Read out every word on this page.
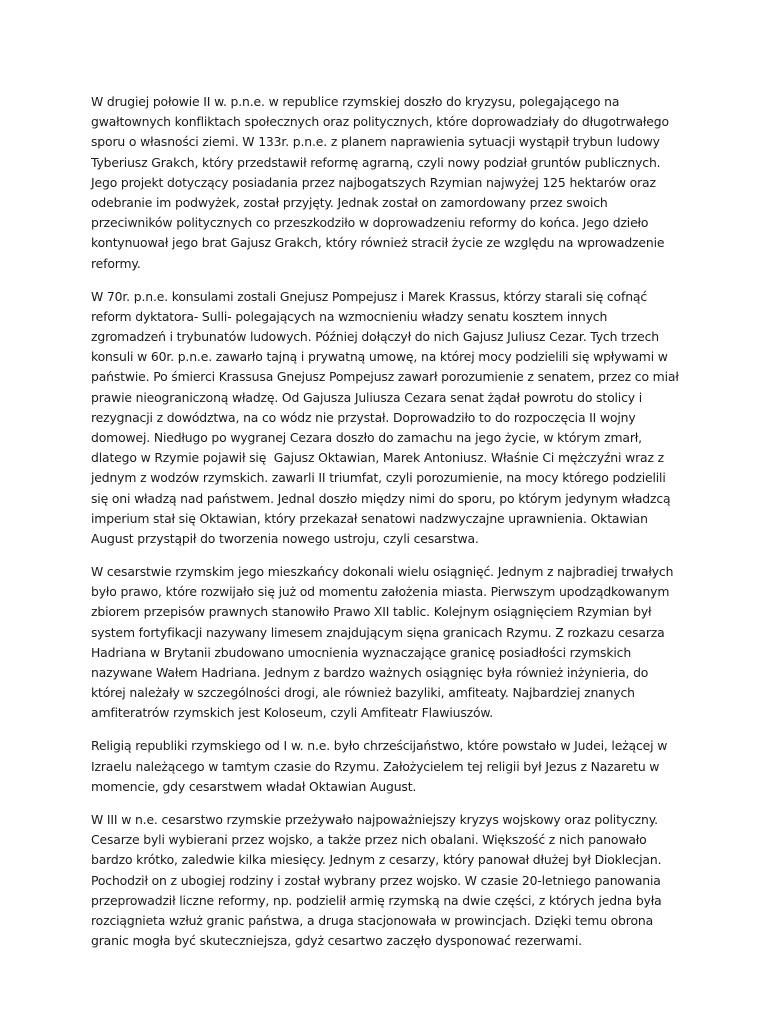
W drugiej połowie II w. p.n.e. w republice rzymskiej doszło do kryzysu, polegającego na gwałtownych konfliktach społecznych oraz politycznych, które doprowadziały do długotrwałego sporu o własności ziemi. W 133r. p.n.e. z planem naprawienia sytuacji wystąpił trybun ludowy Tyberiusz Grakch, który przedstawił reformę agrarną, czyli nowy podział gruntów publicznych. Jego projekt dotyczący posiadania przez najbogatszych Rzymian najwyżej 125 hektarów oraz odebranie im podwyżek, został przyjęty. Jednak został on zamordowany przez swoich przeciwników politycznych co przeszkodziło w doprowadzeniu reformy do końca. Jego dzieło kontynuował jego brat Gajusz Grakch, który również stracił życie ze względu na wprowadzenie reformy.

W 70r. p.n.e. konsulami zostali Gnejusz Pompejusz i Marek Krassus, którzy starali się cofnąć reform dyktatora- Sulli- polegających na wzmocnieniu władzy senatu kosztem innych zgromadzeń i trybunatów ludowych. Później dołączył do nich Gajusz Juliusz Cezar. Tych trzech konsuli w 60r. p.n.e. zawarło tajną i prywatną umowę, na której mocy podzielili się wpływami w państwie. Po śmierci Krassusa Gnejusz Pompejusz zawarł porozumienie z senatem, przez co miał prawie nieograniczoną władzę. Od Gajusza Juliusza Cezara senat żądał powrotu do stolicy i rezygnacji z dowództwa, na co wódz nie przystał. Doprowadziło to do rozpoczęcia II wojny domowej. Niedługo po wygranej Cezara doszło do zamachu na jego życie, w którym zmarł, dlatego w Rzymie pojawił się  Gajusz Oktawian, Marek Antoniusz. Właśnie Ci mężczyźni wraz z jednym z wodzów rzymskich. zawarli II triumfat, czyli porozumienie, na mocy którego podzielili się oni władzą nad państwem. Jednal doszło między nimi do sporu, po którym jedynym władzcą imperium stał się Oktawian, który przekazał senatowi nadzwyczajne uprawnienia. Oktawian August przystąpił do tworzenia nowego ustroju, czyli cesarstwa.

W cesarstwie rzymskim jego mieszkańcy dokonali wielu osiągnięć. Jednym z najbradiej trwałych było prawo, które rozwijało się już od momentu założenia miasta. Pierwszym upodządkowanym zbiorem przepisów prawnych stanowiło Prawo XII tablic. Kolejnym osiągnięciem Rzymian był system fortyfikacji nazywany limesem znajdującym sięna granicach Rzymu. Z rozkazu cesarza Hadriana w Brytanii zbudowano umocnienia wyznaczające granicę posiadłości rzymskich nazywane Wałem Hadriana. Jednym z bardzo ważnych osiągnięc była również inżynieria, do której należały w szczególności drogi, ale również bazyliki, amfiteaty. Najbardziej znanych amfiteratrów rzymskich jest Koloseum, czyli Amfiteatr Flawiuszów.

Religią republiki rzymskiego od I w. n.e. było chrześcijaństwo, które powstało w Judei, leżącej w Izraelu należącego w tamtym czasie do Rzymu. Założycielem tej religii był Jezus z Nazaretu w momencie, gdy cesarstwem władał Oktawian August.

W III w n.e. cesarstwo rzymskie przeżywało najpoważniejszy kryzys wojskowy oraz polityczny. Cesarze byli wybierani przez wojsko, a także przez nich obalani. Większość z nich panowało bardzo krótko, zaledwie kilka miesięcy. Jednym z cesarzy, który panował dłużej był Dioklecjan. Pochodził on z ubogiej rodziny i został wybrany przez wojsko. W czasie 20-letniego panowania przeprowadził liczne reformy, np. podzielił armię rzymską na dwie części, z których jedna była rozciągnieta wzłuż granic państwa, a druga stacjonowała w prowincjach. Dzięki temu obrona granic mogła być skuteczniejsza, gdyż cesartwo zaczęło dysponować rezerwami.
